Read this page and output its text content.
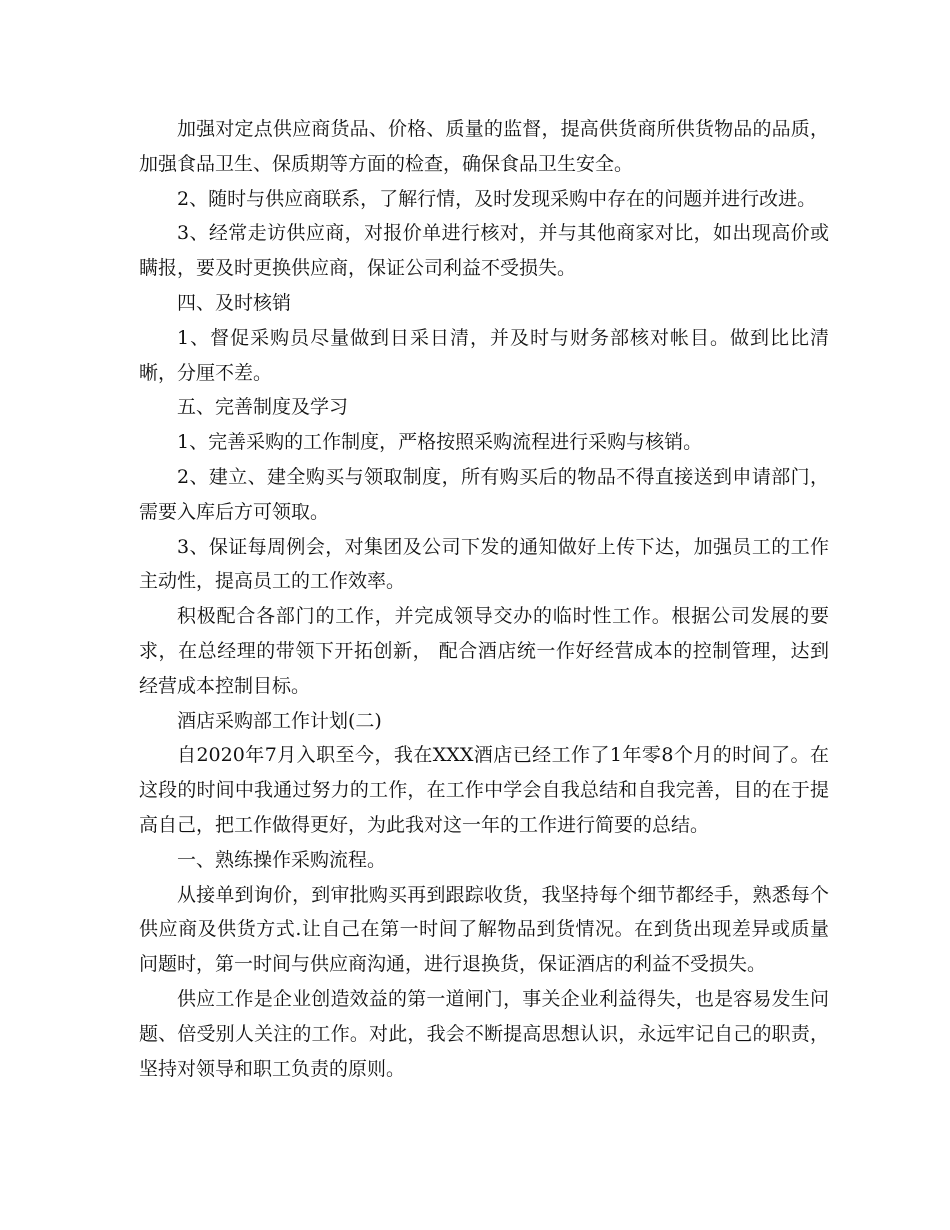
加强对定点供应商货品、价格、质量的监督，提高供货商所供货物品的品质，加强食品卫生、保质期等方面的检查，确保食品卫生安全。

2、随时与供应商联系，了解行情，及时发现采购中存在的问题并进行改进。

3、经常走访供应商，对报价单进行核对，并与其他商家对比，如出现高价或瞒报，要及时更换供应商，保证公司利益不受损失。

四、及时核销

1、督促采购员尽量做到日采日清，并及时与财务部核对帐目。做到比比清晰，分厘不差。

五、完善制度及学习

1、完善采购的工作制度，严格按照采购流程进行采购与核销。

2、建立、建全购买与领取制度，所有购买后的物品不得直接送到申请部门，需要入库后方可领取。

3、保证每周例会，对集团及公司下发的通知做好上传下达，加强员工的工作主动性，提高员工的工作效率。

积极配合各部门的工作，并完成领导交办的临时性工作。根据公司发展的要求，在总经理的带领下开拓创新， 配合酒店统一作好经营成本的控制管理，达到经营成本控制目标。

酒店采购部工作计划(二)

自2020年7月入职至今，我在XXX酒店已经工作了1年零8个月的时间了。在这段的时间中我通过努力的工作，在工作中学会自我总结和自我完善，目的在于提高自己，把工作做得更好，为此我对这一年的工作进行简要的总结。

一、熟练操作采购流程。

从接单到询价，到审批购买再到跟踪收货，我坚持每个细节都经手，熟悉每个供应商及供货方式.让自己在第一时间了解物品到货情况。在到货出现差异或质量问题时，第一时间与供应商沟通，进行退换货，保证酒店的利益不受损失。

供应工作是企业创造效益的第一道闸门，事关企业利益得失，也是容易发生问题、倍受别人关注的工作。对此，我会不断提高思想认识，永远牢记自己的职责，坚持对领导和职工负责的原则。
